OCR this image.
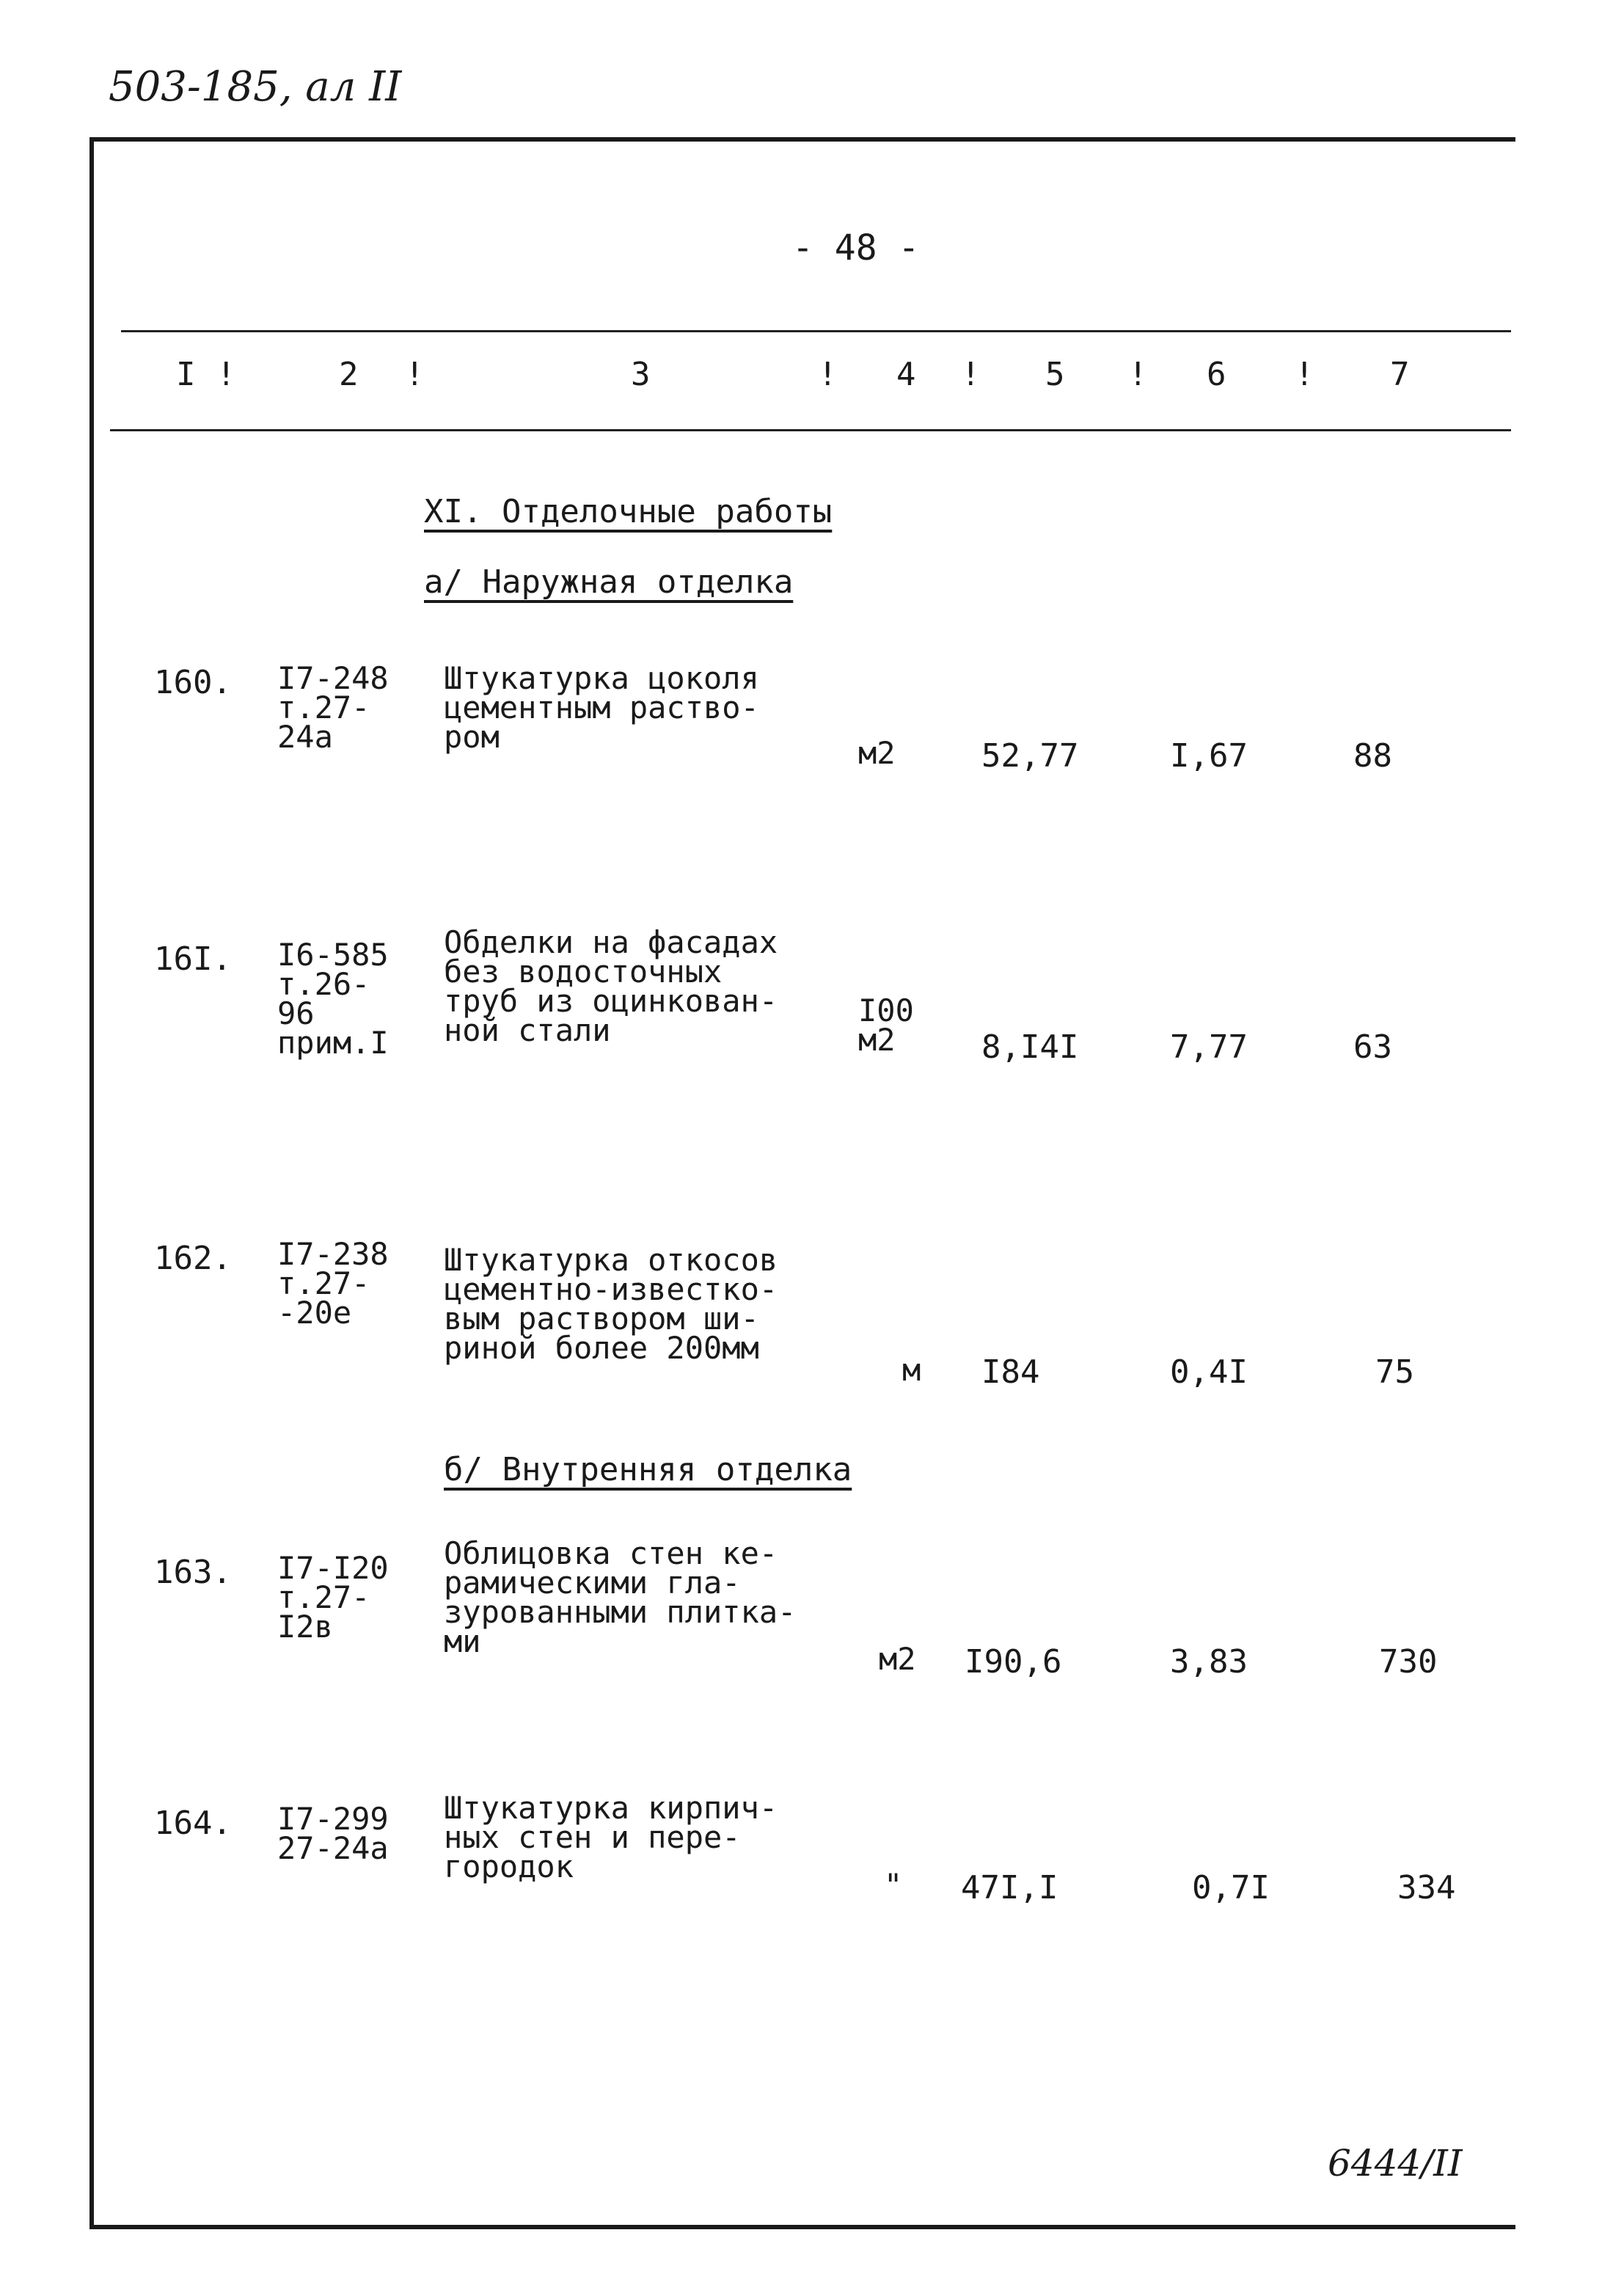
503-185, ал II
- 48 -
I !	2 !	3	! 4 ! 5 ! 6 ! 7
XI. Отделочные работы
а/ Наружная отделка
160. I7-248
т.27-
24а
Штукатурка цоколя
цементным раство-
ром	м2	52,77	I,67	88
16I. I6-585
т.26-
96
прим.I
Обделки на фасадах
без водосточных
труб из оцинкован-
ной стали
I00
м2	8,I4I	7,77	63
162. I7-238
т.27-
-20е
Штукатурка откосов
цементно-известко-
вым раствором ши-
риной более 200мм
м I84	0,4I	75
б/ Внутренняя отделка
163. I7-I20
т.27-
I2в
Облицовка стен ке-
рамическими гла-
зурованными плитка-
ми	м2 I90,6	3,83	730
164. I7-299
27-24а
Штукатурка кирпич-
ных стен и пере-
городок
" 47I,I	0,7I	334
6444/II
